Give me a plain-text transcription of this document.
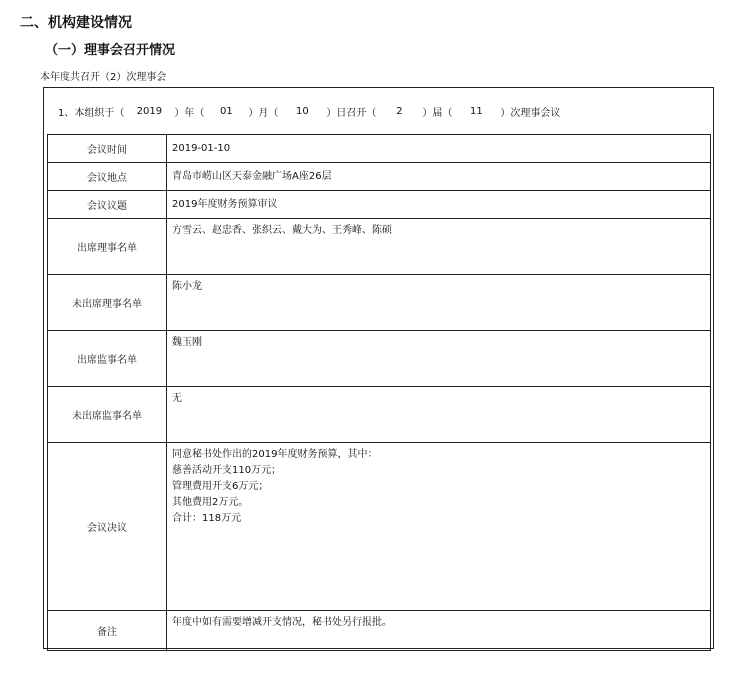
二、机构建设情况
（一）理事会召开情况
本年度共召开（2）次理事会
1、本组织于（	2019	）年（	01	）月（	10	）日召开（	2	）届（	11	）次理事会议
会议时间	2019-01-10
会议地点	青岛市崂山区天泰金融广场A座26层
会议议题	2019年度财务预算审议
出席理事名单	方雪云、赵忠香、张织云、戴大为、王秀峰、陈硕
未出席理事名单	陈小龙
出席监事名单	魏玉刚
未出席监事名单	无
会议决议	同意秘书处作出的2019年度财务预算，其中：
慈善活动开支110万元；
管理费用开支6万元；
其他费用2万元。
合计：118万元

备注	年度中如有需要增减开支情况，秘书处另行报批。
